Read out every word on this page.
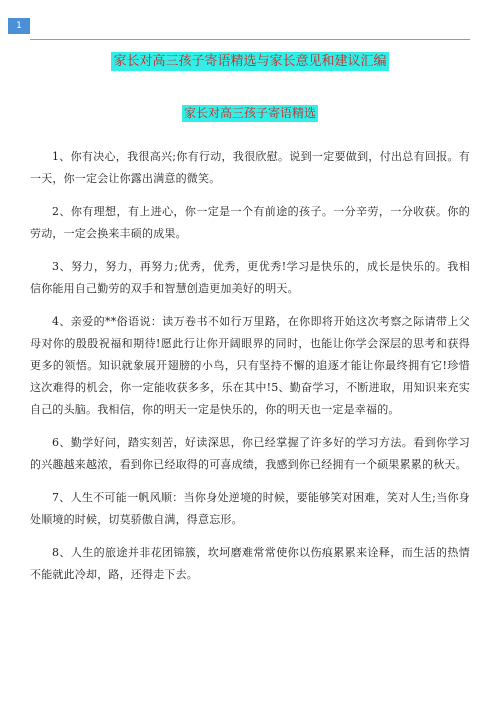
1
家长对高三孩子寄语精选与家长意见和建议汇编
家长对高三孩子寄语精选

1、你有决心，我很高兴;你有行动，我很欣慰。说到一定要做到，付出总有回报。有一天，你一定会让你露出满意的微笑。

2、你有理想，有上进心，你一定是一个有前途的孩子。一分辛劳，一分收获。你的劳动，一定会换来丰硕的成果。

3、努力，努力，再努力;优秀，优秀，更优秀!学习是快乐的，成长是快乐的。我相信你能用自己勤劳的双手和智慧创造更加美好的明天。

4、亲爱的**俗语说：读万卷书不如行万里路，在你即将开始这次考察之际请带上父母对你的殷殷祝福和期待!愿此行让你开阔眼界的同时，也能让你学会深层的思考和获得更多的领悟。知识就象展开翅膀的小鸟，只有坚持不懈的追逐才能让你最终拥有它!珍惜这次难得的机会，你一定能收获多多，乐在其中!5、勤奋学习，不断进取，用知识来充实自己的头脑。我相信，你的明天一定是快乐的，你的明天也一定是幸福的。

6、勤学好问，踏实刻苦，好读深思，你已经掌握了许多好的学习方法。看到你学习的兴趣越来越浓，看到你已经取得的可喜成绩，我感到你已经拥有一个硕果累累的秋天。

7、人生不可能一帆风顺：当你身处逆境的时候，要能够笑对困难，笑对人生;当你身处顺境的时候，切莫骄傲自满，得意忘形。

8、人生的旅途并非花团锦簇，坎坷磨难常常使你以伤痕累累来诠释，而生活的热情不能就此冷却，路，还得走下去。
